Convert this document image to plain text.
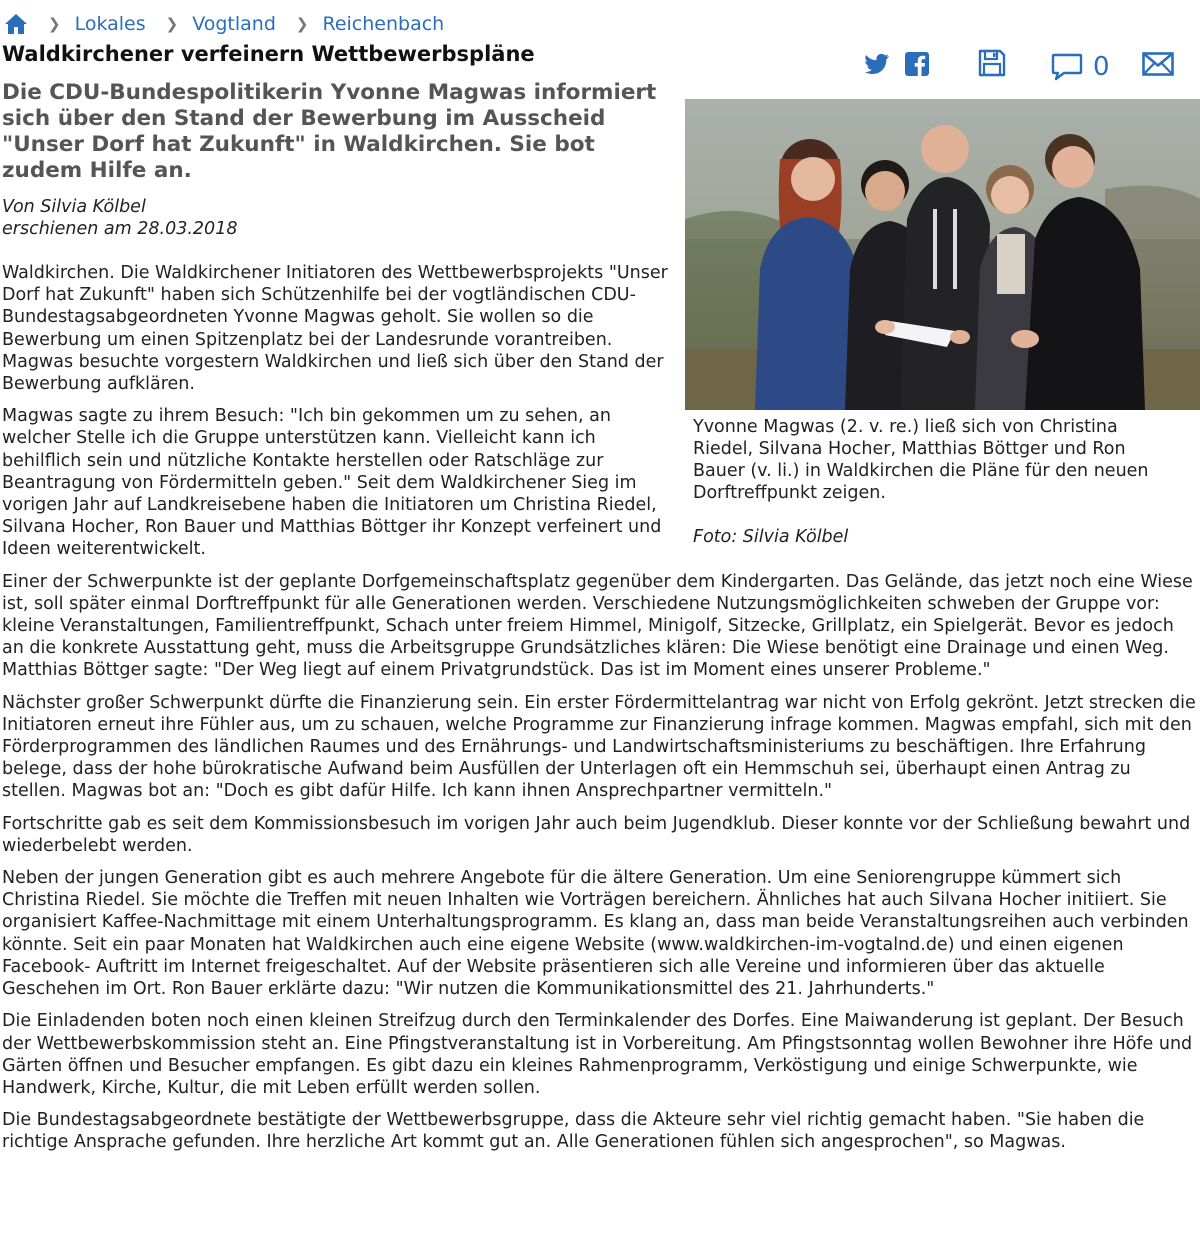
❯ Lokales ❯ Vogtland ❯ Reichenbach
Waldkirchener verfeinern Wettbewerbspläne	0

Die CDU-Bundespolitikerin Yvonne Magwas informiert sich über den Stand der Bewerbung im Ausscheid "Unser Dorf hat Zukunft" in Waldkirchen. Sie bot zudem Hilfe an.

Von Silvia Kölbel
erschienen am 28.03.2018
Yvonne Magwas (2. v. re.) ließ sich von Christina Riedel, Silvana Hocher, Matthias Böttger und Ron Bauer (v. li.) in Waldkirchen die Pläne für den neuen Dorftreffpunkt zeigen.
Foto: Silvia Kölbel

Waldkirchen. Die Waldkirchener Initiatoren des Wettbewerbsprojekts "Unser Dorf hat Zukunft" haben sich Schützenhilfe bei der vogtländischen CDU-Bundestagsabgeordneten Yvonne Magwas geholt. Sie wollen so die Bewerbung um einen Spitzenplatz bei der Landesrunde vorantreiben. Magwas besuchte vorgestern Waldkirchen und ließ sich über den Stand der Bewerbung aufklären.

Magwas sagte zu ihrem Besuch: "Ich bin gekommen um zu sehen, an welcher Stelle ich die Gruppe unterstützen kann. Vielleicht kann ich behilflich sein und nützliche Kontakte herstellen oder Ratschläge zur Beantragung von Fördermitteln geben." Seit dem Waldkirchener Sieg im vorigen Jahr auf Landkreisebene haben die Initiatoren um Christina Riedel, Silvana Hocher, Ron Bauer und Matthias Böttger ihr Konzept verfeinert und Ideen weiterentwickelt.

Einer der Schwerpunkte ist der geplante Dorfgemeinschaftsplatz gegenüber dem Kindergarten. Das Gelände, das jetzt noch eine Wiese ist, soll später einmal Dorftreffpunkt für alle Generationen werden. Verschiedene Nutzungsmöglichkeiten schweben der Gruppe vor: kleine Veranstaltungen, Familientreffpunkt, Schach unter freiem Himmel, Minigolf, Sitzecke, Grillplatz, ein Spielgerät. Bevor es jedoch an die konkrete Ausstattung geht, muss die Arbeitsgruppe Grundsätzliches klären: Die Wiese benötigt eine Drainage und einen Weg. Matthias Böttger sagte: "Der Weg liegt auf einem Privatgrundstück. Das ist im Moment eines unserer Probleme."

Nächster großer Schwerpunkt dürfte die Finanzierung sein. Ein erster Fördermittelantrag war nicht von Erfolg gekrönt. Jetzt strecken die Initiatoren erneut ihre Fühler aus, um zu schauen, welche Programme zur Finanzierung infrage kommen. Magwas empfahl, sich mit den Förderprogrammen des ländlichen Raumes und des Ernährungs- und Landwirtschaftsministeriums zu beschäftigen. Ihre Erfahrung belege, dass der hohe bürokratische Aufwand beim Ausfüllen der Unterlagen oft ein Hemmschuh sei, überhaupt einen Antrag zu stellen. Magwas bot an: "Doch es gibt dafür Hilfe. Ich kann ihnen Ansprechpartner vermitteln."

Fortschritte gab es seit dem Kommissionsbesuch im vorigen Jahr auch beim Jugendklub. Dieser konnte vor der Schließung bewahrt und wiederbelebt werden.

Neben der jungen Generation gibt es auch mehrere Angebote für die ältere Generation. Um eine Seniorengruppe kümmert sich Christina Riedel. Sie möchte die Treffen mit neuen Inhalten wie Vorträgen bereichern. Ähnliches hat auch Silvana Hocher initiiert. Sie organisiert Kaffee-Nachmittage mit einem Unterhaltungsprogramm. Es klang an, dass man beide Veranstaltungsreihen auch verbinden könnte. Seit ein paar Monaten hat Waldkirchen auch eine eigene Website (www.waldkirchen-im-vogtalnd.de) und einen eigenen Facebook- Auftritt im Internet freigeschaltet. Auf der Website präsentieren sich alle Vereine und informieren über das aktuelle Geschehen im Ort. Ron Bauer erklärte dazu: "Wir nutzen die Kommunikationsmittel des 21. Jahrhunderts."

Die Einladenden boten noch einen kleinen Streifzug durch den Terminkalender des Dorfes. Eine Maiwanderung ist geplant. Der Besuch der Wettbewerbskommission steht an. Eine Pfingstveranstaltung ist in Vorbereitung. Am Pfingstsonntag wollen Bewohner ihre Höfe und Gärten öffnen und Besucher empfangen. Es gibt dazu ein kleines Rahmenprogramm, Verköstigung und einige Schwerpunkte, wie Handwerk, Kirche, Kultur, die mit Leben erfüllt werden sollen.

Die Bundestagsabgeordnete bestätigte der Wettbewerbsgruppe, dass die Akteure sehr viel richtig gemacht haben. "Sie haben die richtige Ansprache gefunden. Ihre herzliche Art kommt gut an. Alle Generationen fühlen sich angesprochen", so Magwas.
